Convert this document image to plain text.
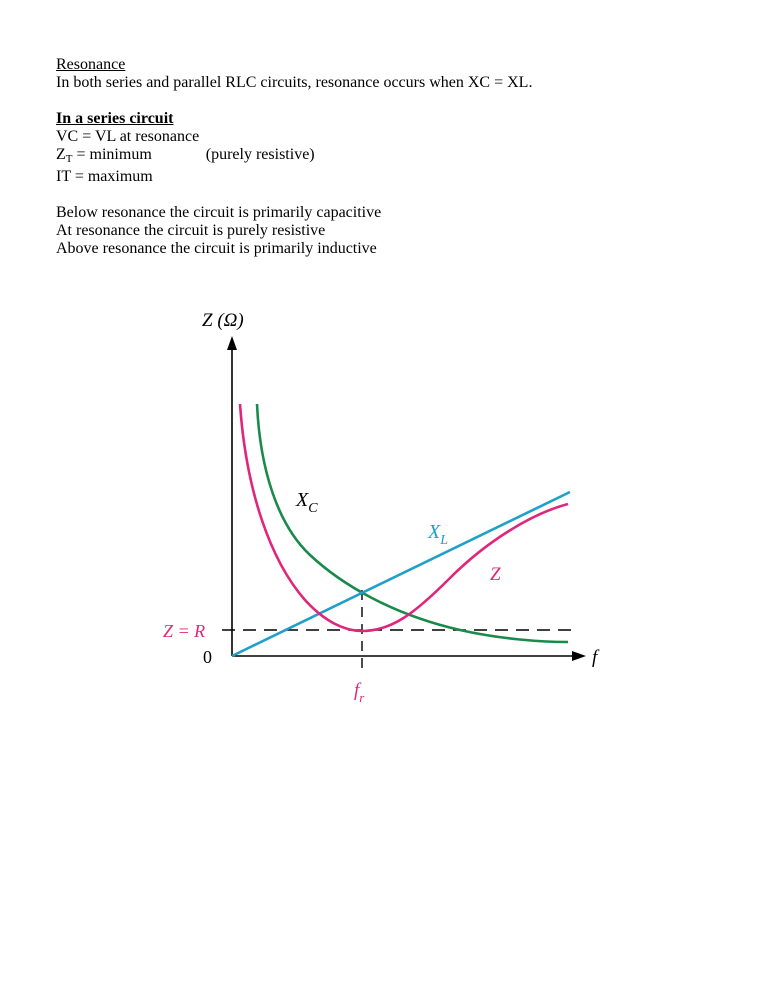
Resonance
In both series and parallel RLC circuits, resonance occurs when XC = XL.
In a series circuit
VC = VL at resonance
$Z_T$ = minimum	(purely resistive)
IT = maximum
Below resonance the circuit is primarily capacitive
At resonance the circuit is purely resistive
Above resonance the circuit is primarily inductive
Z (Ω)
f
0
Z = R
$f_r$
$X_C$
$X_L$
Z
